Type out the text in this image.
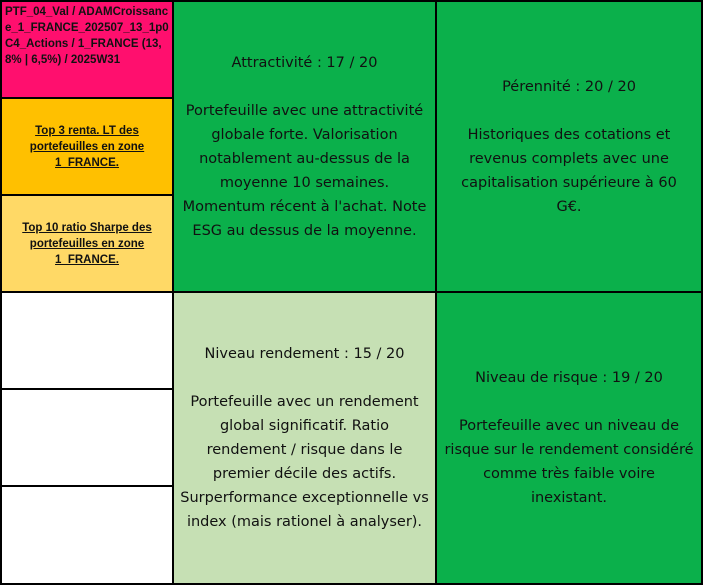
PTF_04_Val / ADAMCroissance_1_FRANCE_202507_13_1p0 C4_Actions / 1_FRANCE (13,8% | 6,5%) / 2025W31
Top 3 renta. LT des portefeuilles en zone 1_FRANCE.
Top 10 ratio Sharpe des portefeuilles en zone 1_FRANCE.
Attractivité : 17 / 20
Portefeuille avec une attractivité globale forte. Valorisation notablement au-dessus de la moyenne 10 semaines. Momentum récent à l'achat. Note ESG au dessus de la moyenne.
Pérennité : 20 / 20
Historiques des cotations et revenus complets avec une capitalisation supérieure à 60 G€.
Niveau rendement : 15 / 20
Portefeuille avec un rendement global significatif. Ratio rendement / risque dans le premier décile des actifs. Surperformance exceptionnelle vs index (mais rationel à analyser).
Niveau de risque : 19 / 20
Portefeuille avec un niveau de risque sur le rendement considéré comme très faible voire inexistant.
